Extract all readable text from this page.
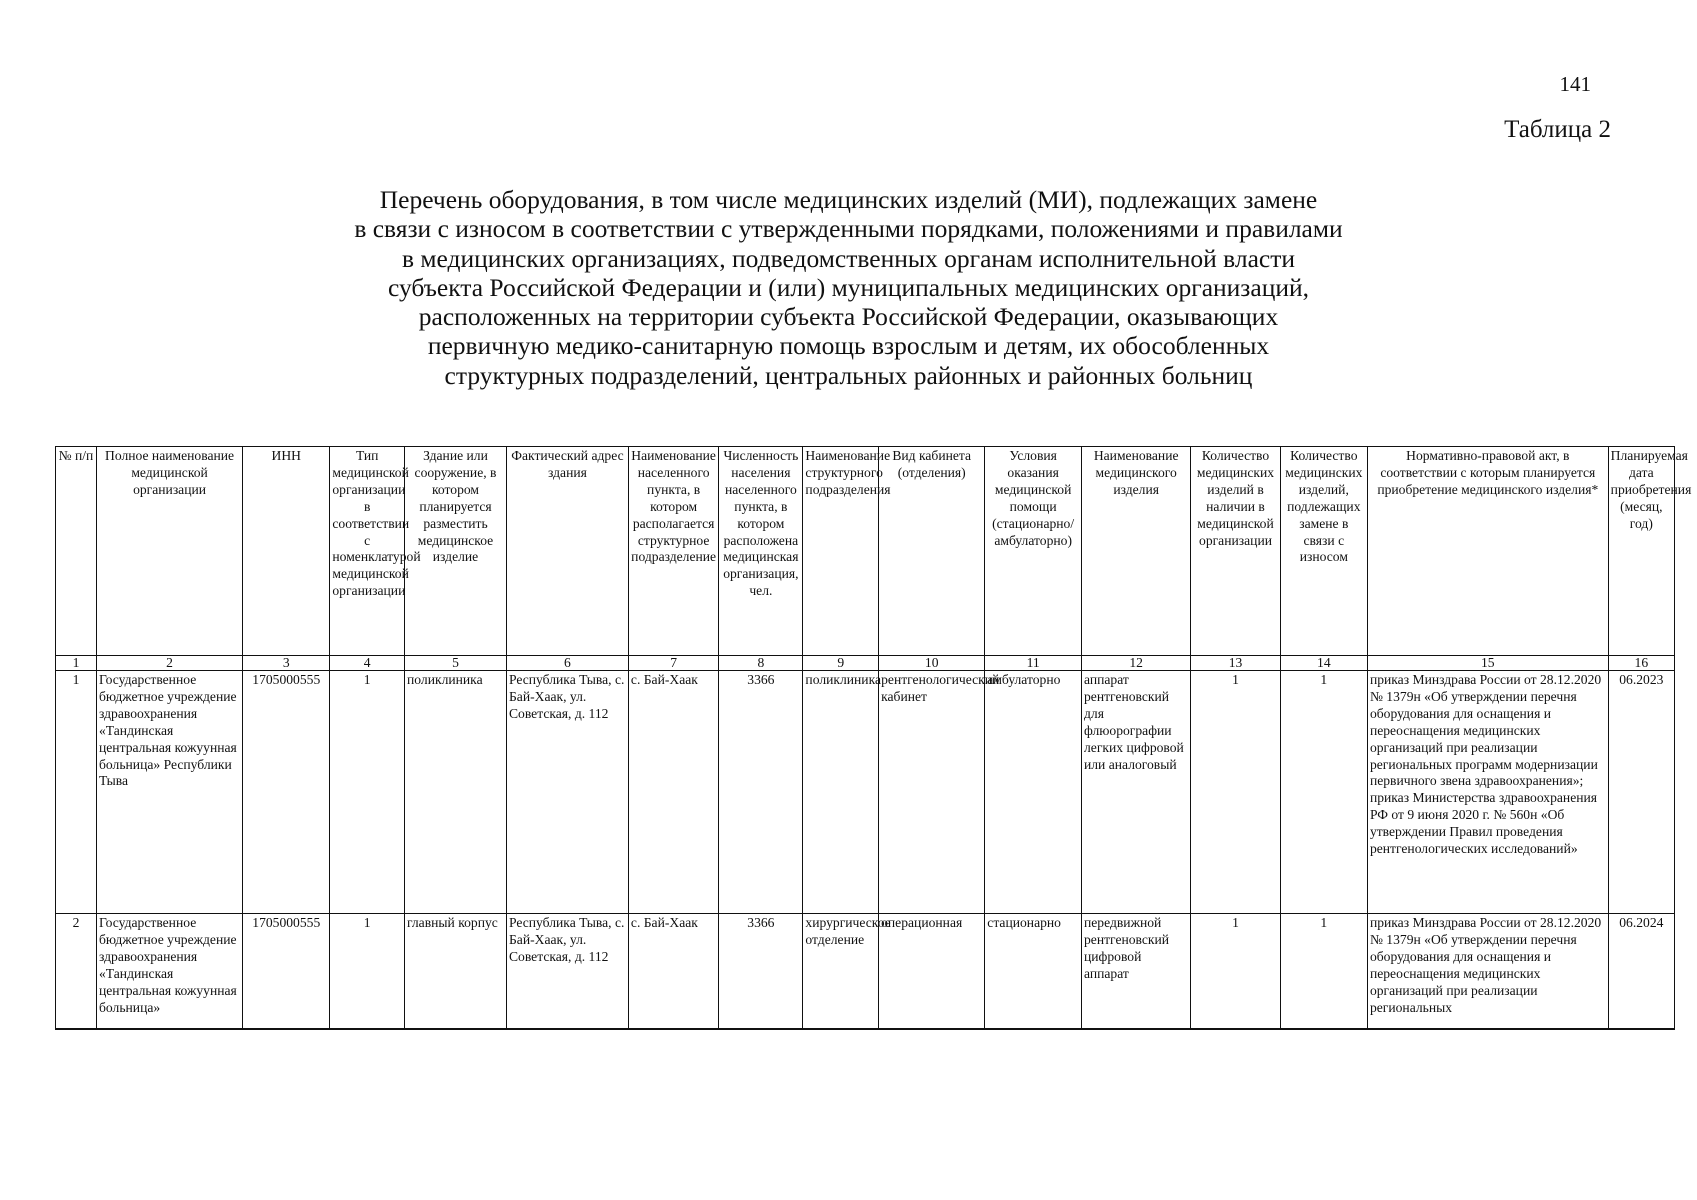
141
Таблица 2
Перечень оборудования, в том числе медицинских изделий (МИ), подлежащих замене
в связи с износом в соответствии с утвержденными порядками, положениями и правилами
в медицинских организациях, подведомственных органам исполнительной власти
субъекта Российской Федерации и (или) муниципальных медицинских организаций,
расположенных на территории субъекта Российской Федерации, оказывающих
первичную медико-санитарную помощь взрослым и детям, их обособленных
структурных подразделений, центральных районных и районных больниц
№ п/п	Полное наименование медицинской организации	ИНН	Тип медицинской организации в соответствии с номенклатурой медицинской организации	Здание или сооружение, в котором планируется разместить медицинское изделие	Фактический адрес здания	Наименование населенного пункта, в котором располагается структурное подразделение	Численность населения населенного пункта, в котором расположена медицинская организация, чел.	Наименование структурного подразделения	Вид кабинета (отделения)	Условия оказания медицинской помощи (стационарно/амбулаторно)	Наименование медицинского изделия	Количество медицинских изделий в наличии в медицинской организации	Количество медицинских изделий, подлежащих замене в связи с износом	Нормативно-правовой акт, в соответствии с которым планируется приобретение медицинского изделия*	Планируемая дата приобретения (месяц, год)
1	2	3	4	5	6	7	8	9	10	11	12	13	14	15	16
1	Государственное бюджетное учреждение здравоохранения «Тандинская центральная кожуунная больница» Республики Тыва	1705000555	1	поликлиника	Республика Тыва, с. Бай-Хаак, ул. Советская, д. 112	с. Бай-Хаак	3366	поликлиника	рентгенологический кабинет	амбулаторно	аппарат рентгеновский для флюорографии легких цифровой или аналоговый	1	1	приказ Минздрава России от 28.12.2020 № 1379н «Об утверждении перечня оборудования для оснащения и переоснащения медицинских организаций при реализации региональных программ модернизации первичного звена здравоохранения»; приказ Министерства здравоохранения РФ от 9 июня 2020 г. № 560н «Об утверждении Правил проведения рентгенологических исследований»	06.2023
2	Государственное бюджетное учреждение здравоохранения «Тандинская центральная кожуунная больница»	1705000555	1	главный корпус	Республика Тыва, с. Бай-Хаак, ул. Советская, д. 112	с. Бай-Хаак	3366	хирургическое отделение	операционная	стационарно	передвижной рентгеновский цифровой аппарат	1	1	приказ Минздрава России от 28.12.2020 № 1379н «Об утверждении перечня оборудования для оснащения и переоснащения медицинских организаций при реализации региональных	06.2024
